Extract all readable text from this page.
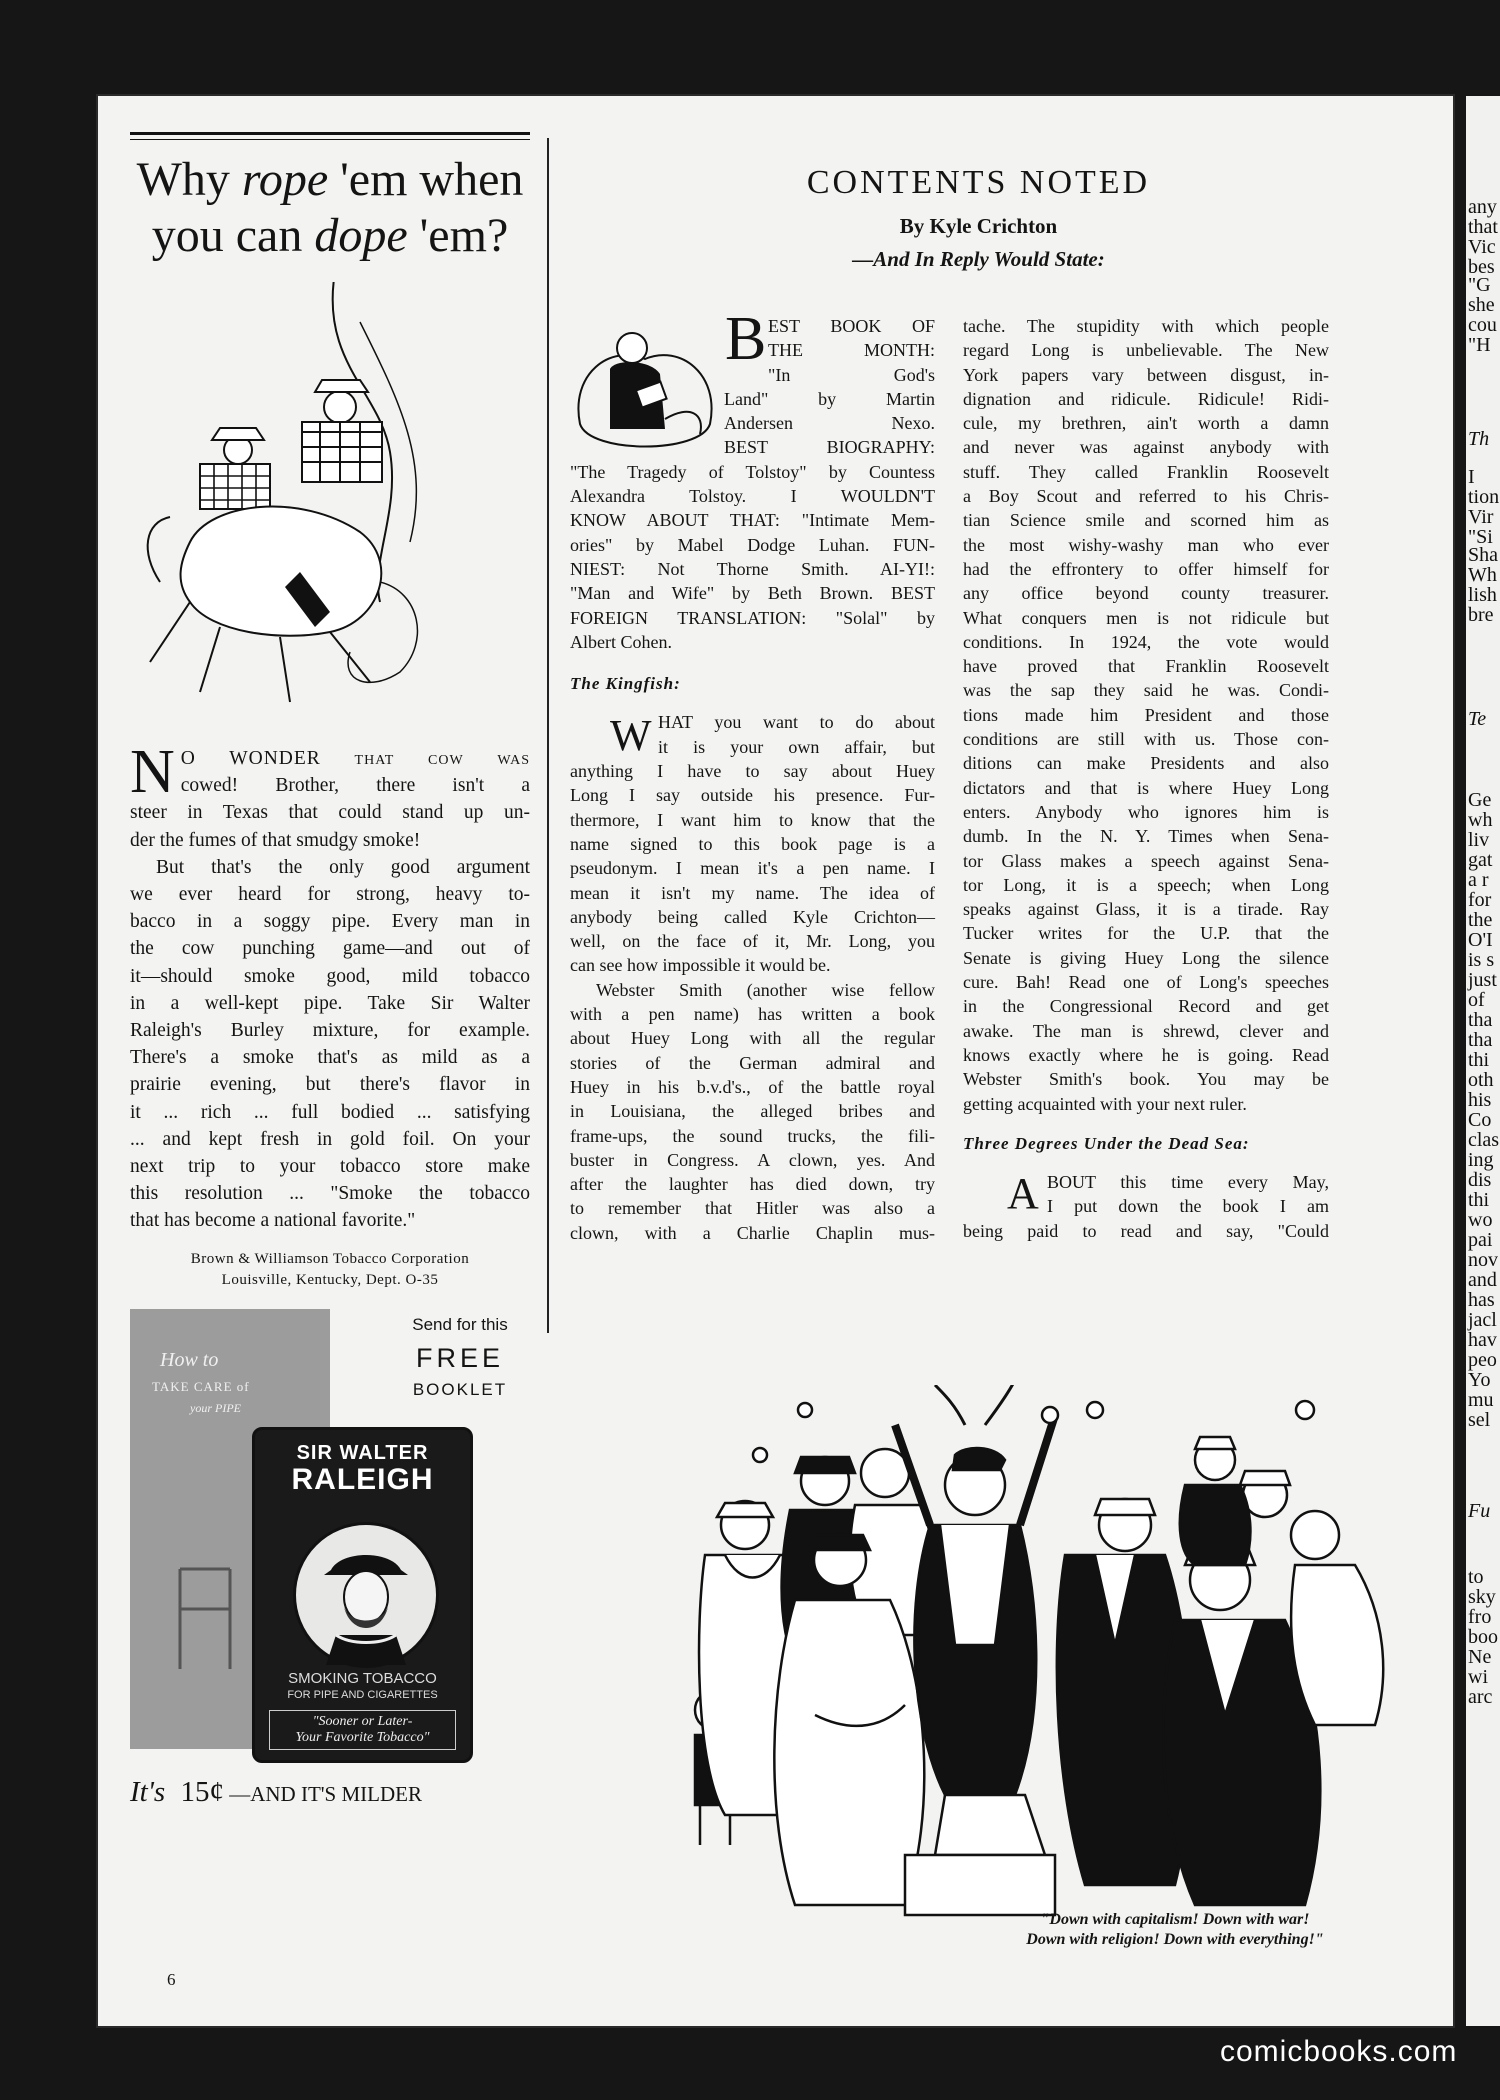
Why rope 'em when
you can dope 'em?
N O WONDER that cow was
cowed! Brother, there isn't a
steer in Texas that could stand up un-
der the fumes of that smudgy smoke!
But that's the only good argument
we ever heard for strong, heavy to-
bacco in a soggy pipe. Every man in
the cow punching game—and out of
it—should smoke good, mild tobacco
in a well-kept pipe. Take Sir Walter
Raleigh's Burley mixture, for example.
There's a smoke that's as mild as a
prairie evening, but there's flavor in
it ... rich ... full bodied ... satisfying
... and kept fresh in gold foil. On your
next trip to your tobacco store make
this resolution ... "Smoke the tobacco
that has become a national favorite."
Brown & Williamson Tobacco Corporation
Louisville, Kentucky, Dept. O-35
How to
TAKE CARE of
your PIPE
Send for this
FREE
BOOKLET
SIR WALTER
RALEIGH
SMOKING TOBACCO
FOR PIPE AND CIGARETTES
"Sooner or Later-
Your Favorite Tobacco"
It's 15¢ —AND IT'S MILDER
CONTENTS NOTED
By Kyle Crichton
—And In Reply Would State:
B EST BOOK OF
THE MONTH:
"In God's
Land" by Martin
Andersen Nexo.
BEST BIOGRAPHY:
"The Tragedy of Tolstoy" by Countess
Alexandra Tolstoy. I WOULDN'T
KNOW ABOUT THAT: "Intimate Mem-
ories" by Mabel Dodge Luhan. FUN-
NIEST: Not Thorne Smith. AI-YI!:
"Man and Wife" by Beth Brown. BEST
FOREIGN TRANSLATION: "Solal" by
Albert Cohen.
The Kingfish:
W HAT you want to do about
it is your own affair, but
anything I have to say about Huey
Long I say outside his presence. Fur-
thermore, I want him to know that the
name signed to this book page is a
pseudonym. I mean it's a pen name. I
mean it isn't my name. The idea of
anybody being called Kyle Crichton—
well, on the face of it, Mr. Long, you
can see how impossible it would be.
Webster Smith (another wise fellow
with a pen name) has written a book
about Huey Long with all the regular
stories of the German admiral and
Huey in his b.v.d's., of the battle royal
in Louisiana, the alleged bribes and
frame-ups, the sound trucks, the fili-
buster in Congress. A clown, yes. And
after the laughter has died down, try
to remember that Hitler was also a
clown, with a Charlie Chaplin mus-
tache. The stupidity with which people
regard Long is unbelievable. The New
York papers vary between disgust, in-
dignation and ridicule. Ridicule! Ridi-
cule, my brethren, ain't worth a damn
and never was against anybody with
stuff. They called Franklin Roosevelt
a Boy Scout and referred to his Chris-
tian Science smile and scorned him as
the most wishy-washy man who ever
had the effrontery to offer himself for
any office beyond county treasurer.
What conquers men is not ridicule but
conditions. In 1924, the vote would
have proved that Franklin Roosevelt
was the sap they said he was. Condi-
tions made him President and those
conditions are still with us. Those con-
ditions can make Presidents and also
dictators and that is where Huey Long
enters. Anybody who ignores him is
dumb. In the N. Y. Times when Sena-
tor Glass makes a speech against Sena-
tor Long, it is a speech; when Long
speaks against Glass, it is a tirade. Ray
Tucker writes for the U.P. that the
Senate is giving Huey Long the silence
cure. Bah! Read one of Long's speeches
in the Congressional Record and get
awake. The man is shrewd, clever and
knows exactly where he is going. Read
Webster Smith's book. You may be
getting acquainted with your next ruler.
Three Degrees Under the Dead Sea:
A BOUT this time every May,
I put down the book I am
being paid to read and say, "Could
"Down with capitalism! Down with war!
Down with religion! Down with everything!"
6
any
that
Vic
bes
"G
she
cou
"H
Th
I
tion
Vir
"Si
Sha
Wh
lish
bre
Te
Ge
wh
liv
gat
a r
for
the
O'I
is s
just
of
tha
tha
thi
oth
his
Co
clas
ing
dis
thi
wo
pai
nov
and
has
jacl
hav
peo
Yo
mu
sel
Fu
to
sky
fro
boo
Ne
wi
arc
comicbooks.com
